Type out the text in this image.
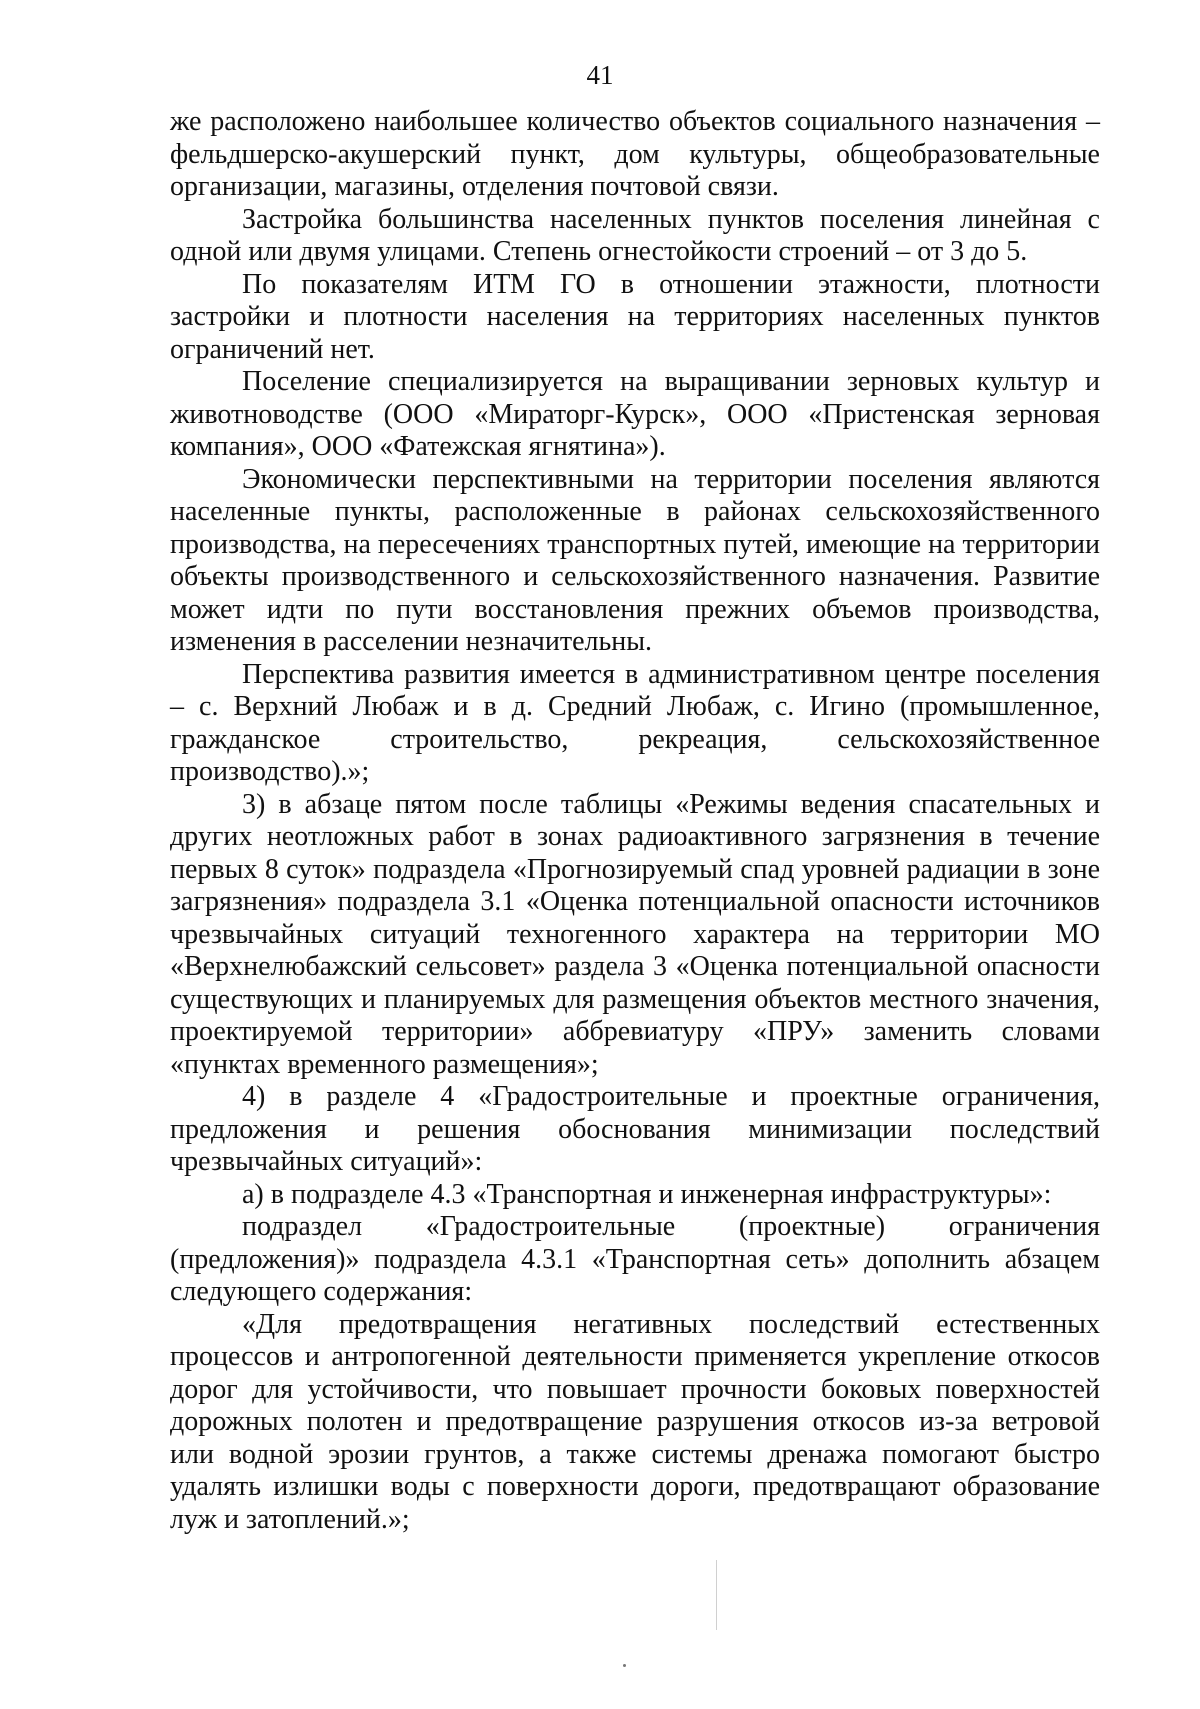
41

же расположено наибольшее количество объектов социального назначения – фельдшерско-акушерский пункт, дом культуры, общеобразовательные организации, магазины, отделения почтовой связи.

Застройка большинства населенных пунктов поселения линейная с одной или двумя улицами. Степень огнестойкости строений – от 3 до 5.

По показателям ИТМ ГО в отношении этажности, плотности застройки и плотности населения на территориях населенных пунктов ограничений нет.

Поселение специализируется на выращивании зерновых культур и животноводстве (ООО «Мираторг-Курск», ООО «Пристенская зерновая компания», ООО «Фатежская ягнятина»).

Экономически перспективными на территории поселения являются населенные пункты, расположенные в районах сельскохозяйственного производства, на пересечениях транспортных путей, имеющие на территории объекты производственного и сельскохозяйственного назначения. Развитие может идти по пути восстановления прежних объемов производства, изменения в расселении незначительны.

Перспектива развития имеется в административном центре поселения – с. Верхний Любаж и в д. Средний Любаж, с. Игино (промышленное, гражданское строительство, рекреация, сельскохозяйственное производство).»;

3) в абзаце пятом после таблицы «Режимы ведения спасательных и других неотложных работ в зонах радиоактивного загрязнения в течение первых 8 суток» подраздела «Прогнозируемый спад уровней радиации в зоне загрязнения» подраздела 3.1 «Оценка потенциальной опасности источников чрезвычайных ситуаций техногенного характера на территории МО «Верхнелюбажский сельсовет» раздела 3 «Оценка потенциальной опасности существующих и планируемых для размещения объектов местного значения, проектируемой территории» аббревиатуру «ПРУ» заменить словами «пунктах временного размещения»;

4) в разделе 4 «Градостроительные и проектные ограничения, предложения и решения обоснования минимизации последствий чрезвычайных ситуаций»:

а) в подразделе 4.3 «Транспортная и инженерная инфраструктуры»:

подраздел «Градостроительные (проектные) ограничения (предложения)» подраздела 4.3.1 «Транспортная сеть» дополнить абзацем следующего содержания:

«Для предотвращения негативных последствий естественных процессов и антропогенной деятельности применяется укрепление откосов дорог для устойчивости, что повышает прочности боковых поверхностей дорожных полотен и предотвращение разрушения откосов из-за ветровой или водной эрозии грунтов, а также системы дренажа помогают быстро удалять излишки воды с поверхности дороги, предотвращают образование луж и затоплений.»;
